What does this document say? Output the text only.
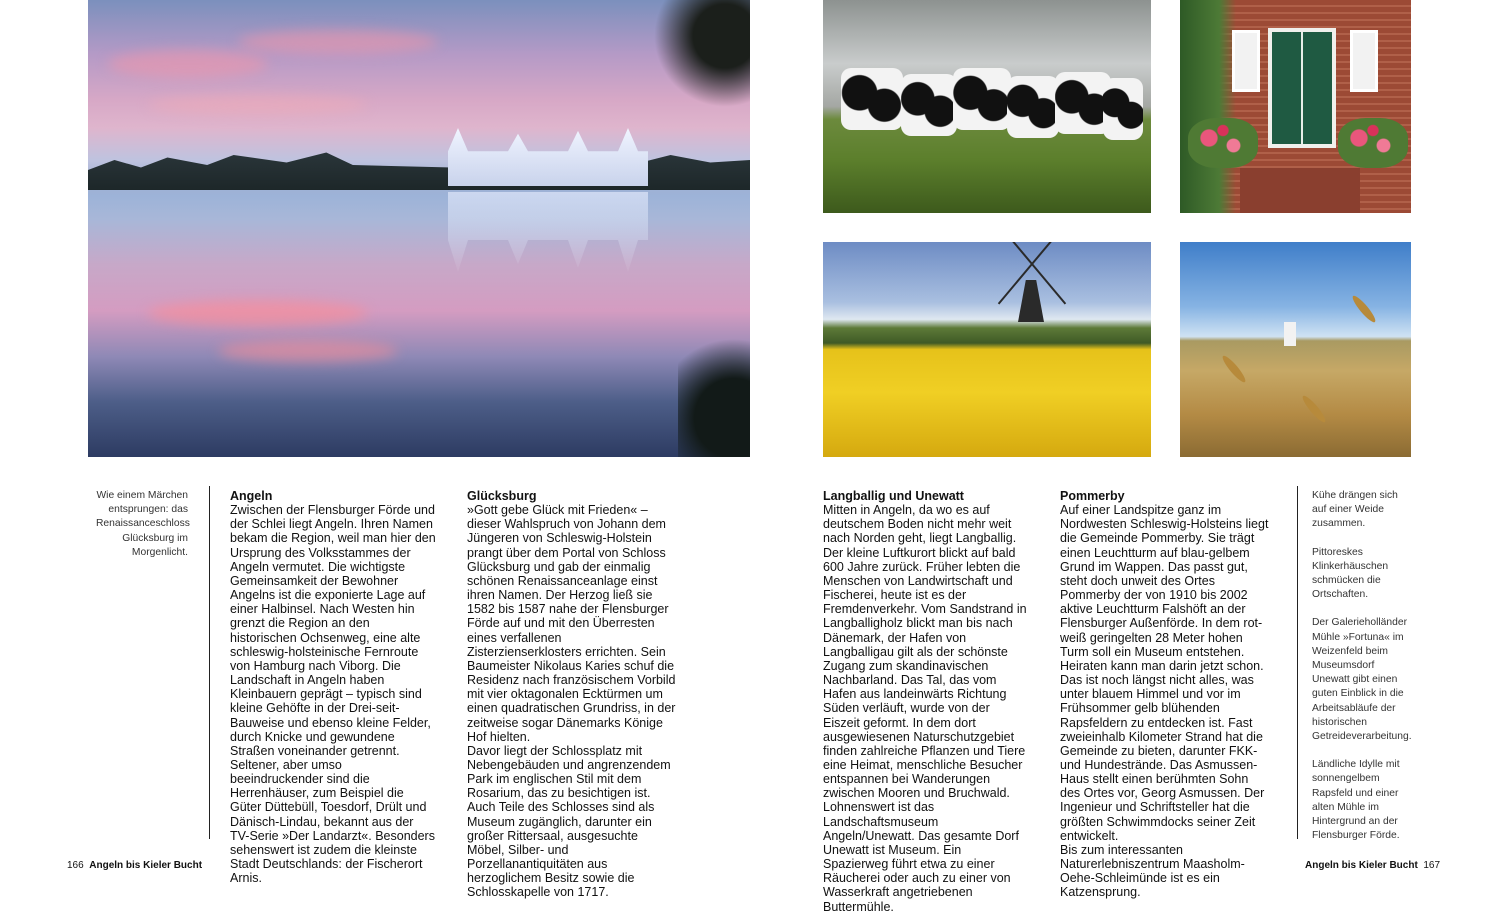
Wie einem Märchen entsprungen: das Renaissanceschloss Glücksburg im Morgenlicht.

Angeln

Zwischen der Flensburger Förde und der Schlei liegt Angeln. Ihren Namen bekam die Region, weil man hier den Ursprung des Volksstammes der Angeln vermutet. Die wichtigste Gemeinsamkeit der Bewohner Angelns ist die exponierte Lage auf einer Halbinsel. Nach Westen hin grenzt die Region an den historischen Ochsenweg, eine alte schleswig-holsteinische Fernroute von Hamburg nach Viborg. Die Landschaft in Angeln haben Kleinbauern geprägt – typisch sind kleine Gehöfte in der Drei-seit-Bauweise und ebenso kleine Felder, durch Knicke und gewundene Straßen voneinander getrennt. Seltener, aber umso beeindruckender sind die Herrenhäuser, zum Beispiel die Güter Düttebüll, Toesdorf, Drült und Dänisch-Lindau, bekannt aus der TV-Serie »Der Landarzt«. Besonders sehenswert ist zudem die kleinste Stadt Deutschlands: der Fischerort Arnis.

Glücksburg

»Gott gebe Glück mit Frieden« – dieser Wahlspruch von Johann dem Jüngeren von Schleswig-Holstein prangt über dem Portal von Schloss Glücksburg und gab der einmalig schönen Renaissanceanlage einst ihren Namen. Der Herzog ließ sie 1582 bis 1587 nahe der Flensburger Förde auf und mit den Überresten eines verfallenen Zisterzienserklosters errichten. Sein Baumeister Nikolaus Karies schuf die Residenz nach französischem Vorbild mit vier oktagonalen Ecktürmen um einen quadratischen Grundriss, in der zeitweise sogar Dänemarks Könige Hof hielten.

Davor liegt der Schlossplatz mit Nebengebäuden und angrenzendem Park im englischen Stil mit dem Rosarium, das zu besichtigen ist. Auch Teile des Schlosses sind als Museum zugänglich, darunter ein großer Rittersaal, ausgesuchte Möbel, Silber- und Porzellanantiquitäten aus herzoglichem Besitz sowie die Schlosskapelle von 1717.

Langballig und Unewatt

Mitten in Angeln, da wo es auf deutschem Boden nicht mehr weit nach Norden geht, liegt Langballig. Der kleine Luftkurort blickt auf bald 600 Jahre zurück. Früher lebten die Menschen von Landwirtschaft und Fischerei, heute ist es der Fremdenverkehr. Vom Sandstrand in Langballigholz blickt man bis nach Dänemark, der Hafen von Langballigau gilt als der schönste Zugang zum skandinavischen Nachbarland. Das Tal, das vom Hafen aus landeinwärts Richtung Süden verläuft, wurde von der Eiszeit geformt. In dem dort ausgewiesenen Naturschutzgebiet finden zahlreiche Pflanzen und Tiere eine Heimat, menschliche Besucher entspannen bei Wanderungen zwischen Mooren und Bruchwald. Lohnenswert ist das Landschaftsmuseum Angeln/Unewatt. Das gesamte Dorf Unewatt ist Museum. Ein Spazierweg führt etwa zu einer Räucherei oder auch zu einer von Wasserkraft angetriebenen Buttermühle.

Pommerby

Auf einer Landspitze ganz im Nordwesten Schleswig-Holsteins liegt die Gemeinde Pommerby. Sie trägt einen Leuchtturm auf blau-gelbem Grund im Wappen. Das passt gut, steht doch unweit des Ortes Pommerby der von 1910 bis 2002 aktive Leuchtturm Falshöft an der Flensburger Außenförde. In dem rot-weiß geringelten 28 Meter hohen Turm soll ein Museum entstehen. Heiraten kann man darin jetzt schon. Das ist noch längst nicht alles, was unter blauem Himmel und vor im Frühsommer gelb blühenden Rapsfeldern zu entdecken ist. Fast zweieinhalb Kilometer Strand hat die Gemeinde zu bieten, darunter FKK- und Hundestrände. Das Asmussen-Haus stellt einen berühmten Sohn des Ortes vor, Georg Asmussen. Der Ingenieur und Schriftsteller hat die größten Schwimmdocks seiner Zeit entwickelt.

Bis zum interessanten Naturerlebniszentrum Maasholm-Oehe-Schleimünde ist es ein Katzensprung.

Kühe drängen sich auf einer Weide zusammen.

Pittoreskes Klinkerhäuschen schmücken die Ortschaften.

Der Galerieholländer Mühle »Fortuna« im Weizenfeld beim Museumsdorf Unewatt gibt einen guten Einblick in die Arbeitsabläufe der historischen Getreideverarbeitung.

Ländliche Idylle mit sonnengelbem Rapsfeld und einer alten Mühle im Hintergrund an der Flensburger Förde.

166 Angeln bis Kieler Bucht	Angeln bis Kieler Bucht 167
